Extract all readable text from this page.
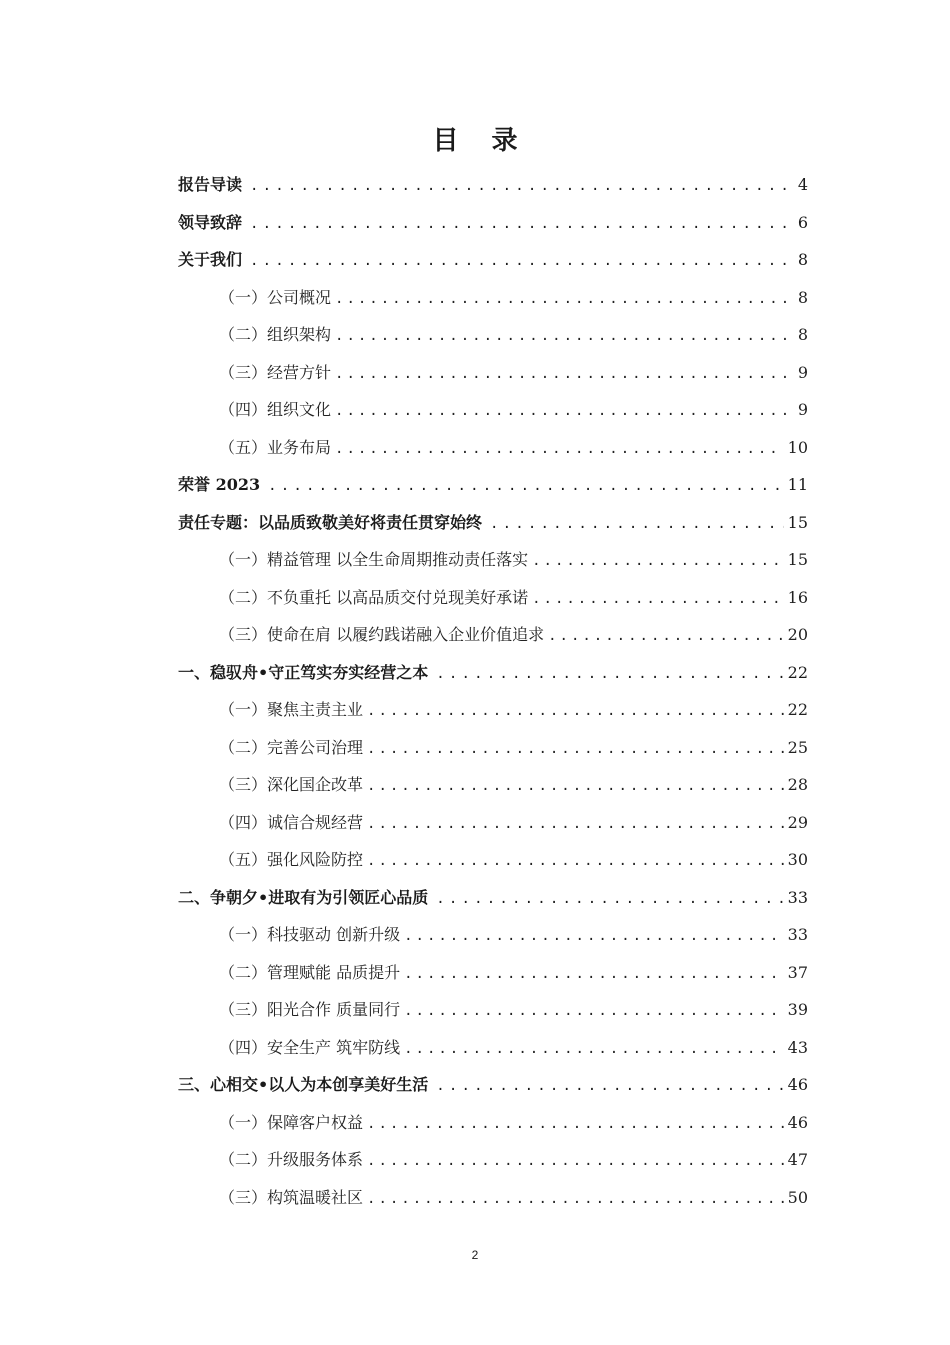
目 录
报告导读 .....	4
领导致辞 .....	6
关于我们 .....	8
（一）公司概况 .....	8
（二）组织架构 .....	8
（三）经营方针 .....	9
（四）组织文化 .....	9
（五）业务布局 .....	10
荣誉 2023 .....	11
责任专题：以品质致敬美好将责任贯穿始终 .....	15
（一）精益管理 以全生命周期推动责任落实 .....	15
（二）不负重托 以高品质交付兑现美好承诺 .....	16
（三）使命在肩 以履约践诺融入企业价值追求 .....	20
一、稳驭舟•守正笃实夯实经营之本 .....	22
（一）聚焦主责主业 .....	22
（二）完善公司治理 .....	25
（三）深化国企改革 .....	28
（四）诚信合规经营 .....	29
（五）强化风险防控 .....	30
二、争朝夕•进取有为引领匠心品质 .....	33
（一）科技驱动 创新升级 .....	33
（二）管理赋能 品质提升 .....	37
（三）阳光合作 质量同行 .....	39
（四）安全生产 筑牢防线 .....	43
三、心相交•以人为本创享美好生活 .....	46
（一）保障客户权益 .....	46
（二）升级服务体系 .....	47
（三）构筑温暖社区 .....	50
2
